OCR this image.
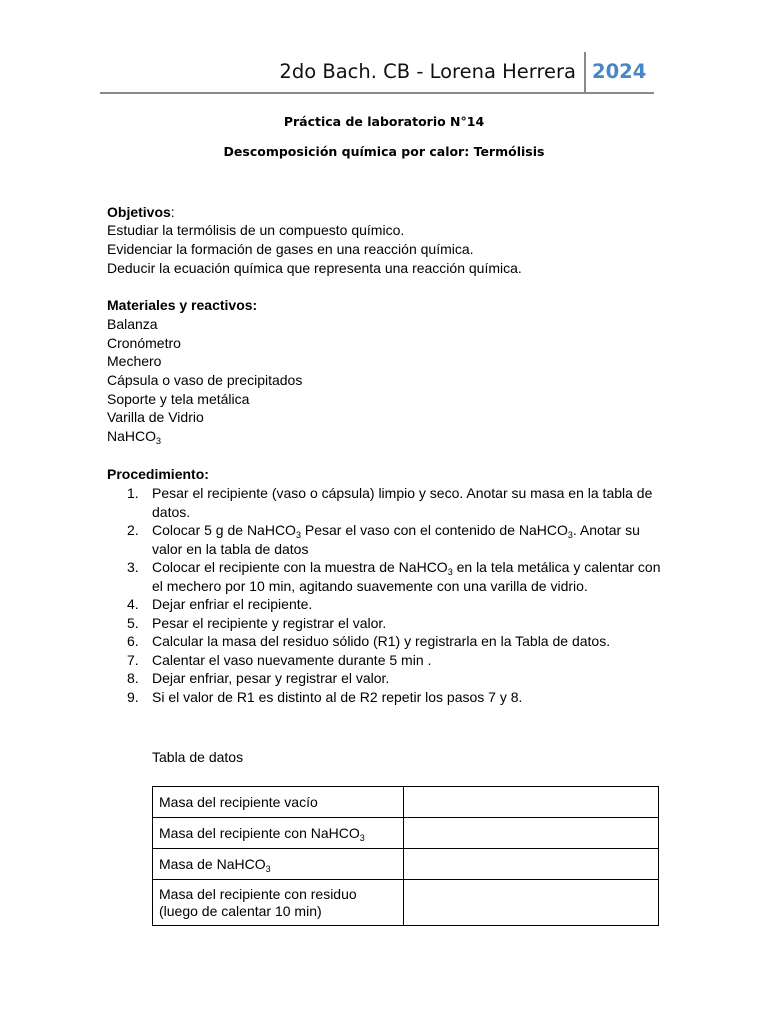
2do Bach. CB - Lorena Herrera 2024
Práctica de laboratorio N°14
Descomposición química por calor: Termólisis
Objetivos:
Estudiar la termólisis de un compuesto químico.
Evidenciar la formación de gases en una reacción química.
Deducir la ecuación química que representa una reacción química.
Materiales y reactivos:
Balanza
Cronómetro
Mechero
Cápsula o vaso de precipitados
Soporte y tela metálica
Varilla de Vidrio
NaHCO$_3$
Procedimiento:
1. Pesar el recipiente (vaso o cápsula) limpio y seco. Anotar su masa en la tabla de datos.
2. Colocar 5 g de NaHCO$_3$ Pesar el vaso con el contenido de NaHCO$_3$. Anotar su valor en la tabla de datos
3. Colocar el recipiente con la muestra de NaHCO$_3$ en la tela metálica y calentar con el mechero por 10 min, agitando suavemente con una varilla de vidrio.
4. Dejar enfriar el recipiente.
5. Pesar el recipiente y registrar el valor.
6. Calcular la masa del residuo sólido (R1) y registrarla en la Tabla de datos.
7. Calentar el vaso nuevamente durante 5 min .
8. Dejar enfriar, pesar y registrar el valor.
9. Si el valor de R1 es distinto al de R2 repetir los pasos 7 y 8.
Tabla de datos
Masa del recipiente vacío	
Masa del recipiente con NaHCO$_3$	
Masa de NaHCO$_3$	
Masa del recipiente con residuo (luego de calentar 10 min)	
